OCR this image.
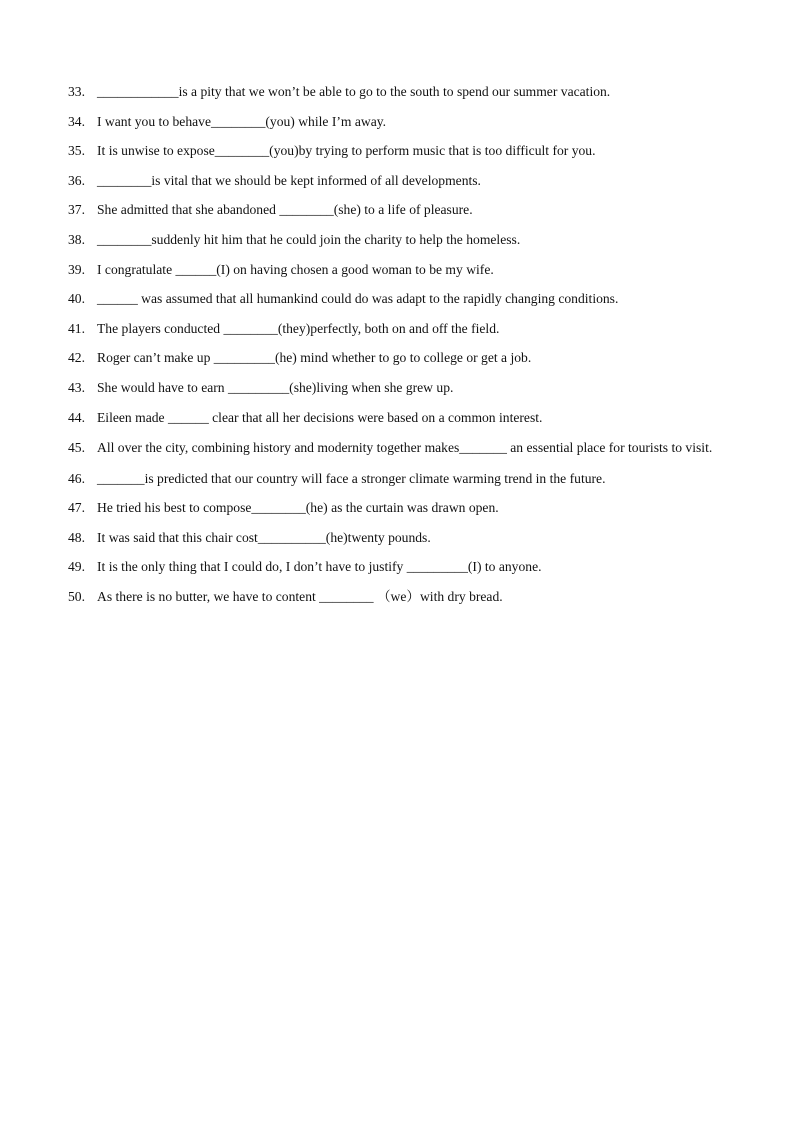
33. ____________is a pity that we won’t be able to go to the south to spend our summer vacation.
34. I want you to behave________(you) while I’m away.
35. It is unwise to expose________(you)by trying to perform music that is too difficult for you.
36. ________is vital that we should be kept informed of all developments.
37. She admitted that she abandoned ________(she) to a life of pleasure.
38. ________suddenly hit him that he could join the charity to help the homeless.
39. I congratulate ______(I) on having chosen a good woman to be my wife.
40. ______ was assumed that all humankind could do was adapt to the rapidly changing conditions.
41. The players conducted ________(they)perfectly, both on and off the field.
42. Roger can’t make up _________(he) mind whether to go to college or get a job.
43. She would have to earn _________(she)living when she grew up.
44. Eileen made ______ clear that all her decisions were based on a common interest.
45. All over the city, combining history and modernity together makes_______ an essential place for tourists to visit.
46. _______is predicted that our country will face a stronger climate warming trend in the future.
47. He tried his best to compose________(he) as the curtain was drawn open.
48. It was said that this chair cost__________(he)twenty pounds.
49. It is the only thing that I could do, I don’t have to justify _________(I) to anyone.
50. As there is no butter, we have to content ________ （we）with dry bread.
